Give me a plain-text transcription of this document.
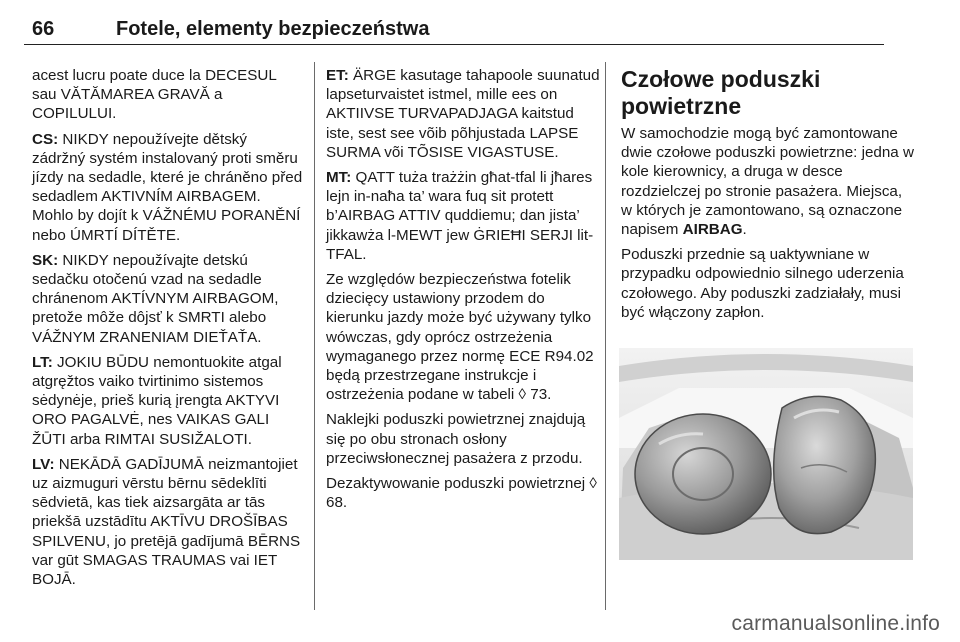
66	Fotele, elementy bezpieczeństwa

acest lucru poate duce la DECESUL sau VĂTĂMAREA GRAVĂ a COPILULUI.

CS: NIKDY nepoužívejte dětský zádržný systém instalovaný proti směru jízdy na sedadle, které je chráněno před sedadlem AKTIVNÍM AIRBAGEM. Mohlo by dojít k VÁŽNÉMU PORANĚNÍ nebo ÚMRTÍ DÍTĚTE.

SK: NIKDY nepoužívajte detskú sedačku otočenú vzad na sedadle chránenom AKTÍVNYM AIRBAGOM, pretože môže dôjsť k SMRTI alebo VÁŽNYM ZRANENIAM DIEŤAŤA.

LT: JOKIU BŪDU nemontuokite atgal atgręžtos vaiko tvirtinimo sistemos sėdynėje, prieš kurią įrengta AKTYVI ORO PAGALVĖ, nes VAIKAS GALI ŽŪTI arba RIMTAI SUSIŽALOTI.

LV: NEKĀDĀ GADĪJUMĀ neizmantojiet uz aizmuguri vērstu bērnu sēdeklīti sēdvietā, kas tiek aizsargāta ar tās priekšā uzstādītu AKTĪVU DROŠĪBAS SPILVENU, jo pretējā gadījumā BĒRNS var gūt SMAGAS TRAUMAS vai IET BOJĀ.

ET: ÄRGE kasutage tahapoole suunatud lapseturvaistet istmel, mille ees on AKTIIVSE TURVAPADJAGA kaitstud iste, sest see võib põhjustada LAPSE SURMA või TÕSISE VIGASTUSE.

MT: QATT tuża trażżin għat-tfal li jħares lejn in-naħa ta’ wara fuq sit protett b’AIRBAG ATTIV quddiemu; dan jista’ jikkawża l-MEWT jew ĠRIEĦI SERJI lit-TFAL.

Ze względów bezpieczeństwa fotelik dziecięcy ustawiony przodem do kierunku jazdy może być używany tylko wówczas, gdy oprócz ostrzeżenia wymaganego przez normę ECE R94.02 będą przestrzegane instrukcje i ostrzeżenia podane w tabeli ◊ 73.

Naklejki poduszki powietrznej znajdują się po obu stronach osłony przeciwsłonecznej pasażera z przodu.

Dezaktywowanie poduszki powietrznej ◊ 68.

Czołowe poduszki powietrzne

W samochodzie mogą być zamontowane dwie czołowe poduszki powietrzne: jedna w kole kierownicy, a druga w desce rozdzielczej po stronie pasażera. Miejsca, w których je zamontowano, są oznaczone napisem AIRBAG.

Poduszki przednie są uaktywniane w przypadku odpowiednio silnego uderzenia czołowego. Aby poduszki zadziałały, musi być włączony zapłon.

carmanualsonline.info
